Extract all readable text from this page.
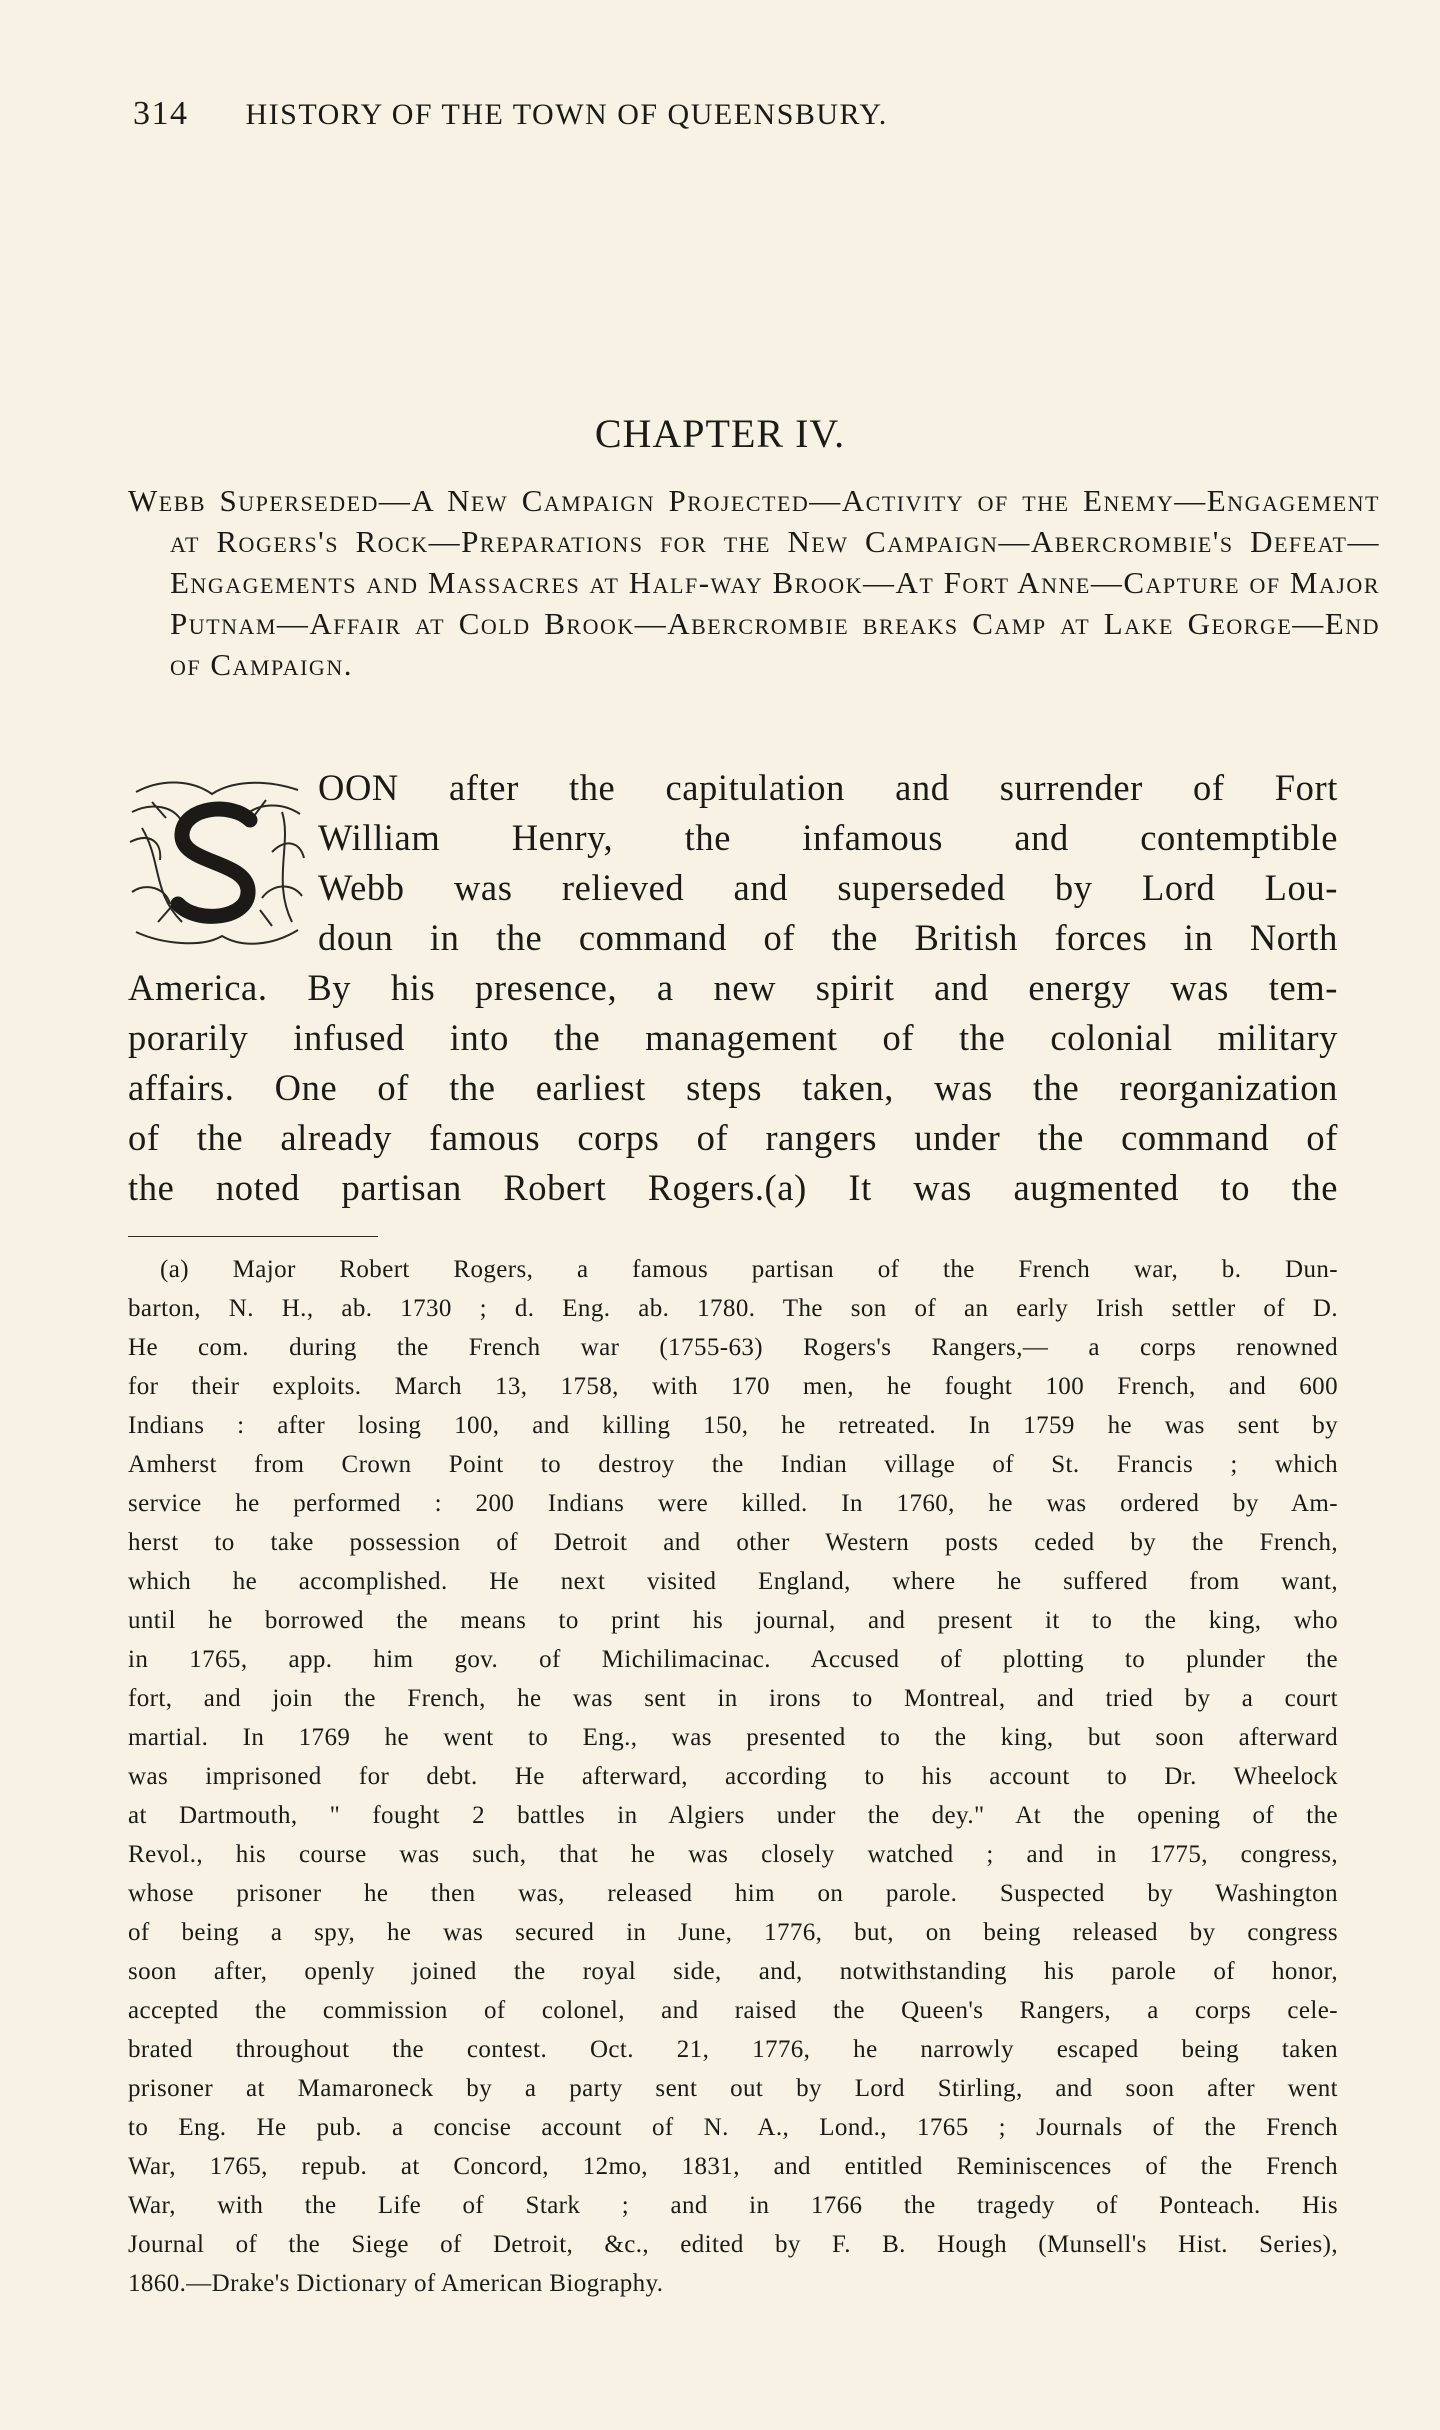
314 HISTORY OF THE TOWN OF QUEENSBURY.
CHAPTER IV.
Webb Superseded—A New Campaign Projected—Activity of the Enemy—Engagement at Rogers's Rock—Preparations for the New Campaign—Abercrombie's Defeat—Engagements and Massacres at Half-way Brook—At Fort Anne—Capture of Major Putnam—Affair at Cold Brook—Abercrombie breaks Camp at Lake George—End of Campaign.
S
OON after the capitulation and surrender of Fort
William Henry, the infamous and contemptible
Webb was relieved and superseded by Lord Lou-
doun in the command of the British forces in North
America. By his presence, a new spirit and energy was tem-
porarily infused into the management of the colonial military
affairs. One of the earliest steps taken, was the reorganization
of the already famous corps of rangers under the command of
the noted partisan Robert Rogers.(a) It was augmented to the
(a) Major Robert Rogers, a famous partisan of the French war, b. Dun-
barton, N. H., ab. 1730 ; d. Eng. ab. 1780. The son of an early Irish settler of D.
He com. during the French war (1755-63) Rogers's Rangers,— a corps renowned
for their exploits. March 13, 1758, with 170 men, he fought 100 French, and 600
Indians : after losing 100, and killing 150, he retreated. In 1759 he was sent by
Amherst from Crown Point to destroy the Indian village of St. Francis ; which
service he performed : 200 Indians were killed. In 1760, he was ordered by Am-
herst to take possession of Detroit and other Western posts ceded by the French,
which he accomplished. He next visited England, where he suffered from want,
until he borrowed the means to print his journal, and present it to the king, who
in 1765, app. him gov. of Michilimacinac. Accused of plotting to plunder the
fort, and join the French, he was sent in irons to Montreal, and tried by a court
martial. In 1769 he went to Eng., was presented to the king, but soon afterward
was imprisoned for debt. He afterward, according to his account to Dr. Wheelock
at Dartmouth, " fought 2 battles in Algiers under the dey." At the opening of the
Revol., his course was such, that he was closely watched ; and in 1775, congress,
whose prisoner he then was, released him on parole. Suspected by Washington
of being a spy, he was secured in June, 1776, but, on being released by congress
soon after, openly joined the royal side, and, notwithstanding his parole of honor,
accepted the commission of colonel, and raised the Queen's Rangers, a corps cele-
brated throughout the contest. Oct. 21, 1776, he narrowly escaped being taken
prisoner at Mamaroneck by a party sent out by Lord Stirling, and soon after went
to Eng. He pub. a concise account of N. A., Lond., 1765 ; Journals of the French
War, 1765, repub. at Concord, 12mo, 1831, and entitled Reminiscences of the French
War, with the Life of Stark ; and in 1766 the tragedy of Ponteach. His
Journal of the Siege of Detroit, &c., edited by F. B. Hough (Munsell's Hist. Series),
1860.—Drake's Dictionary of American Biography.
